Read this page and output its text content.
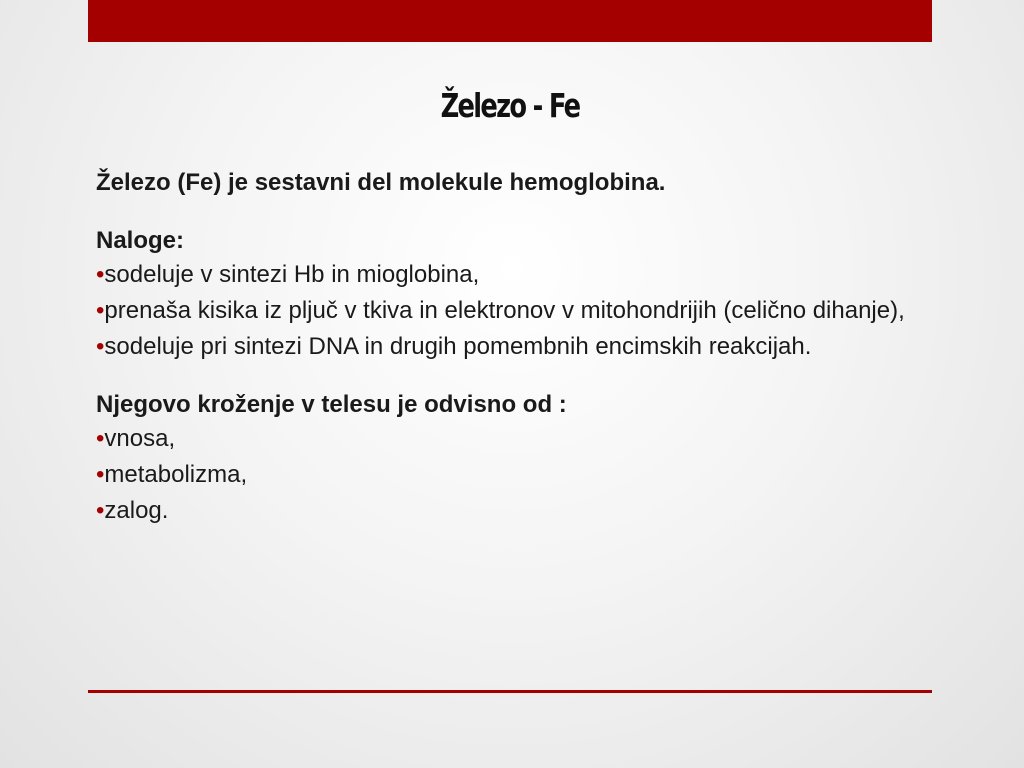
Železo - Fe

Železo (Fe) je sestavni del molekule hemoglobina.

Naloge:

•sodeluje v sintezi Hb in mioglobina,

•prenaša kisika iz pljuč v tkiva in elektronov v mitohondrijih (celično dihanje),

•sodeluje pri sintezi DNA in drugih pomembnih encimskih reakcijah.

Njegovo kroženje v telesu je odvisno od :

•vnosa,

•metabolizma,

•zalog.
